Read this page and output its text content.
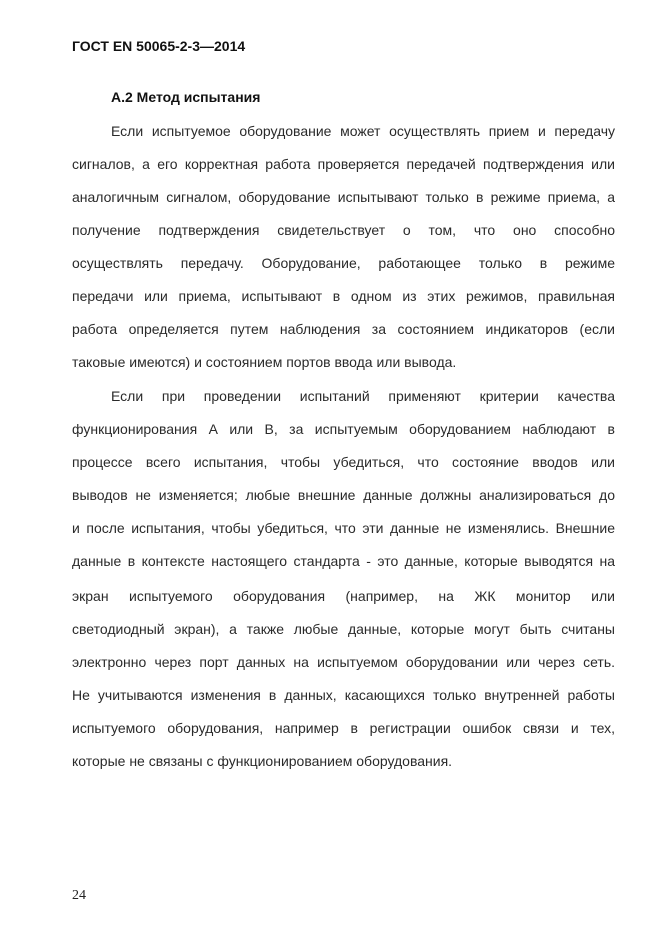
ГОСТ EN 50065-2-3—2014
А.2 Метод испытания
Если испытуемое оборудование может осуществлять прием и передачу
сигналов, а его корректная работа проверяется передачей подтверждения или
аналогичным сигналом, оборудование испытывают только в режиме приема, а
получение подтверждения свидетельствует о том, что оно способно
осуществлять передачу. Оборудование, работающее только в режиме
передачи или приема, испытывают в одном из этих режимов, правильная
работа определяется путем наблюдения за состоянием индикаторов (если
таковые имеются) и состоянием портов ввода или вывода.
Если при проведении испытаний применяют критерии качества
функционирования А или В, за испытуемым оборудованием наблюдают в
процессе всего испытания, чтобы убедиться, что состояние вводов или
выводов не изменяется; любые внешние данные должны анализироваться до
и после испытания, чтобы убедиться, что эти данные не изменялись. Внешние
данные в контексте настоящего стандарта - это данные, которые выводятся на
экран испытуемого оборудования (например, на ЖК монитор или
светодиодный экран), а также любые данные, которые могут быть считаны
электронно через порт данных на испытуемом оборудовании или через сеть.
Не учитываются изменения в данных, касающихся только внутренней работы
испытуемого оборудования, например в регистрации ошибок связи и тех,
которые не связаны с функционированием оборудования.
24
